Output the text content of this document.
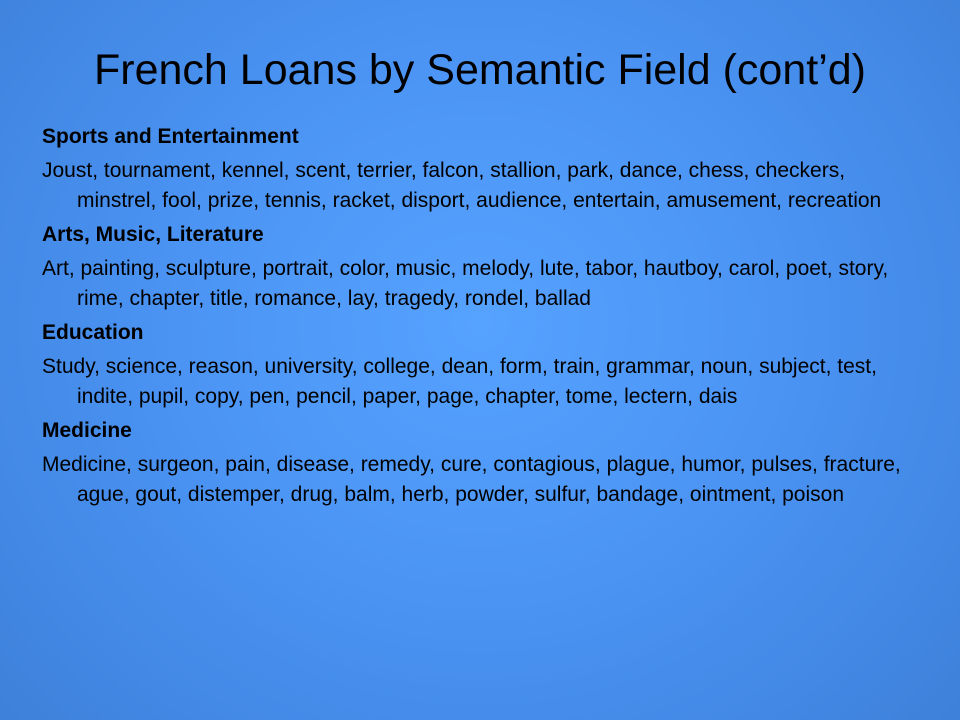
French Loans by Semantic Field (cont’d)

Sports and Entertainment

Joust, tournament, kennel, scent, terrier, falcon, stallion, park, dance, chess, checkers, minstrel, fool, prize, tennis, racket, disport, audience, entertain, amusement, recreation

Arts, Music, Literature

Art, painting, sculpture, portrait, color, music, melody, lute, tabor, hautboy, carol, poet, story, rime, chapter, title, romance, lay, tragedy, rondel, ballad

Education

Study, science, reason, university, college, dean, form, train, grammar, noun, subject, test, indite, pupil, copy, pen, pencil, paper, page, chapter, tome, lectern, dais

Medicine

Medicine, surgeon, pain, disease, remedy, cure, contagious, plague, humor, pulses, fracture, ague, gout, distemper, drug, balm, herb, powder, sulfur, bandage, ointment, poison
